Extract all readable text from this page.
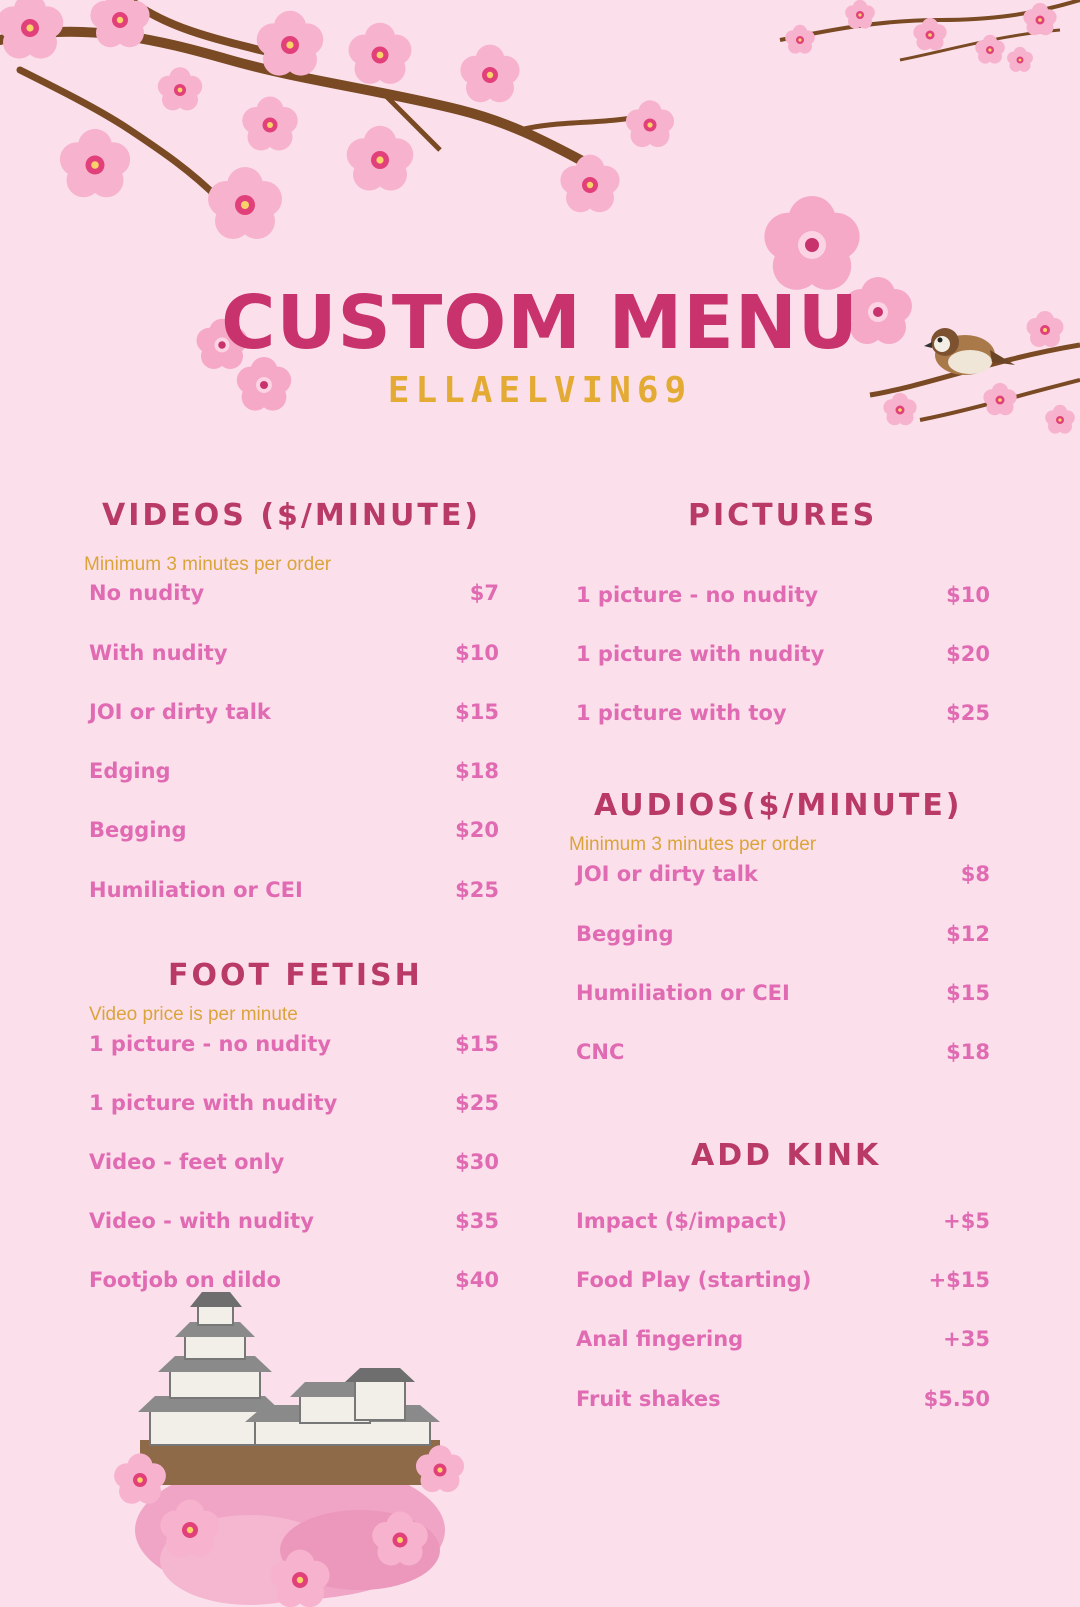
CUSTOM MENU
ELLAELVIN69
VIDEOS ($/MINUTE)
Minimum 3 minutes per order
No nudity	$7
With nudity	$10
JOI or dirty talk	$15
Edging	$18
Begging	$20
Humiliation or CEI	$25
FOOT FETISH
Video price is per minute
1 picture - no nudity	$15
1 picture with nudity	$25
Video - feet only	$30
Video - with nudity	$35
Footjob on dildo	$40
PICTURES
1 picture - no nudity	$10
1 picture with nudity	$20
1 picture with toy	$25
AUDIOS($/MINUTE)
Minimum 3 minutes per order
JOI or dirty talk	$8
Begging	$12
Humiliation or CEI	$15
CNC	$18
ADD KINK
Impact ($/impact)	+$5
Food Play (starting)	+$15
Anal fingering	+35
Fruit shakes	$5.50
